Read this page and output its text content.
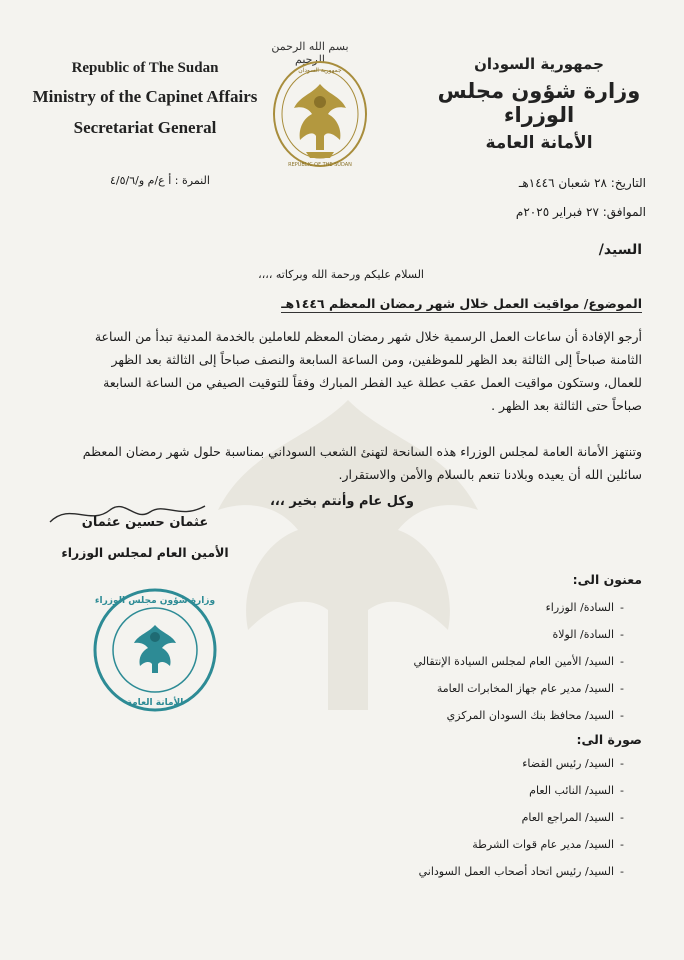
بسم الله الرحمن الرحيم
Republic of The Sudan
Ministry of the Capinet Affairs
Secretariat General
جمهورية السودان
REPUBLIC OF THE SUDAN
جمهورية السودان
وزارة شؤون مجلس الوزراء
الأمانة العامة
التاريخ: ٢٨ شعبان ١٤٤٦هـ
الموافق: ٢٧ فبراير ٢٠٢٥م
النمرة : أ ع/م و/٤/٥/٦
السيد/
السلام عليكم ورحمة الله وبركاته ،،،،
الموضوع/ مواقيت العمل خلال شهر رمضان المعظم ١٤٤٦هـ
أرجو الإفادة أن ساعات العمل الرسمية خلال شهر رمضان المعظم للعاملين بالخدمة المدنية تبدأ من الساعة الثامنة صباحاً إلى الثالثة بعد الظهر للموظفين، ومن الساعة السابعة والنصف صباحاً إلى الثالثة بعد الظهر للعمال، وستكون مواقيت العمل عقب عطلة عيد الفطر المبارك وفقاً للتوقيت الصيفي من الساعة السابعة صباحاً حتى الثالثة بعد الظهر .
وتنتهز الأمانة العامة لمجلس الوزراء هذه السانحة لتهنئ الشعب السوداني بمناسبة حلول شهر رمضان المعظم سائلين الله أن يعيده وبلادنا تنعم بالسلام والأمن والاستقرار.
وكل عام وأنتم بخير ،،،
عثمان حسين عثمان
الأمين العام لمجلس الوزراء
وزارة شؤون مجلس الوزراء
الأمانة العامة
معنون الى:
-السادة/ الوزراء
-السادة/ الولاة
-السيد/ الأمين العام لمجلس السيادة الإنتقالي
-السيد/ مدير عام جهاز المخابرات العامة
-السيد/ محافظ بنك السودان المركزي
صورة الى:
-السيد/ رئيس القضاء
-السيد/ النائب العام
-السيد/ المراجع العام
-السيد/ مدير عام قوات الشرطة
-السيد/ رئيس اتحاد أصحاب العمل السوداني
